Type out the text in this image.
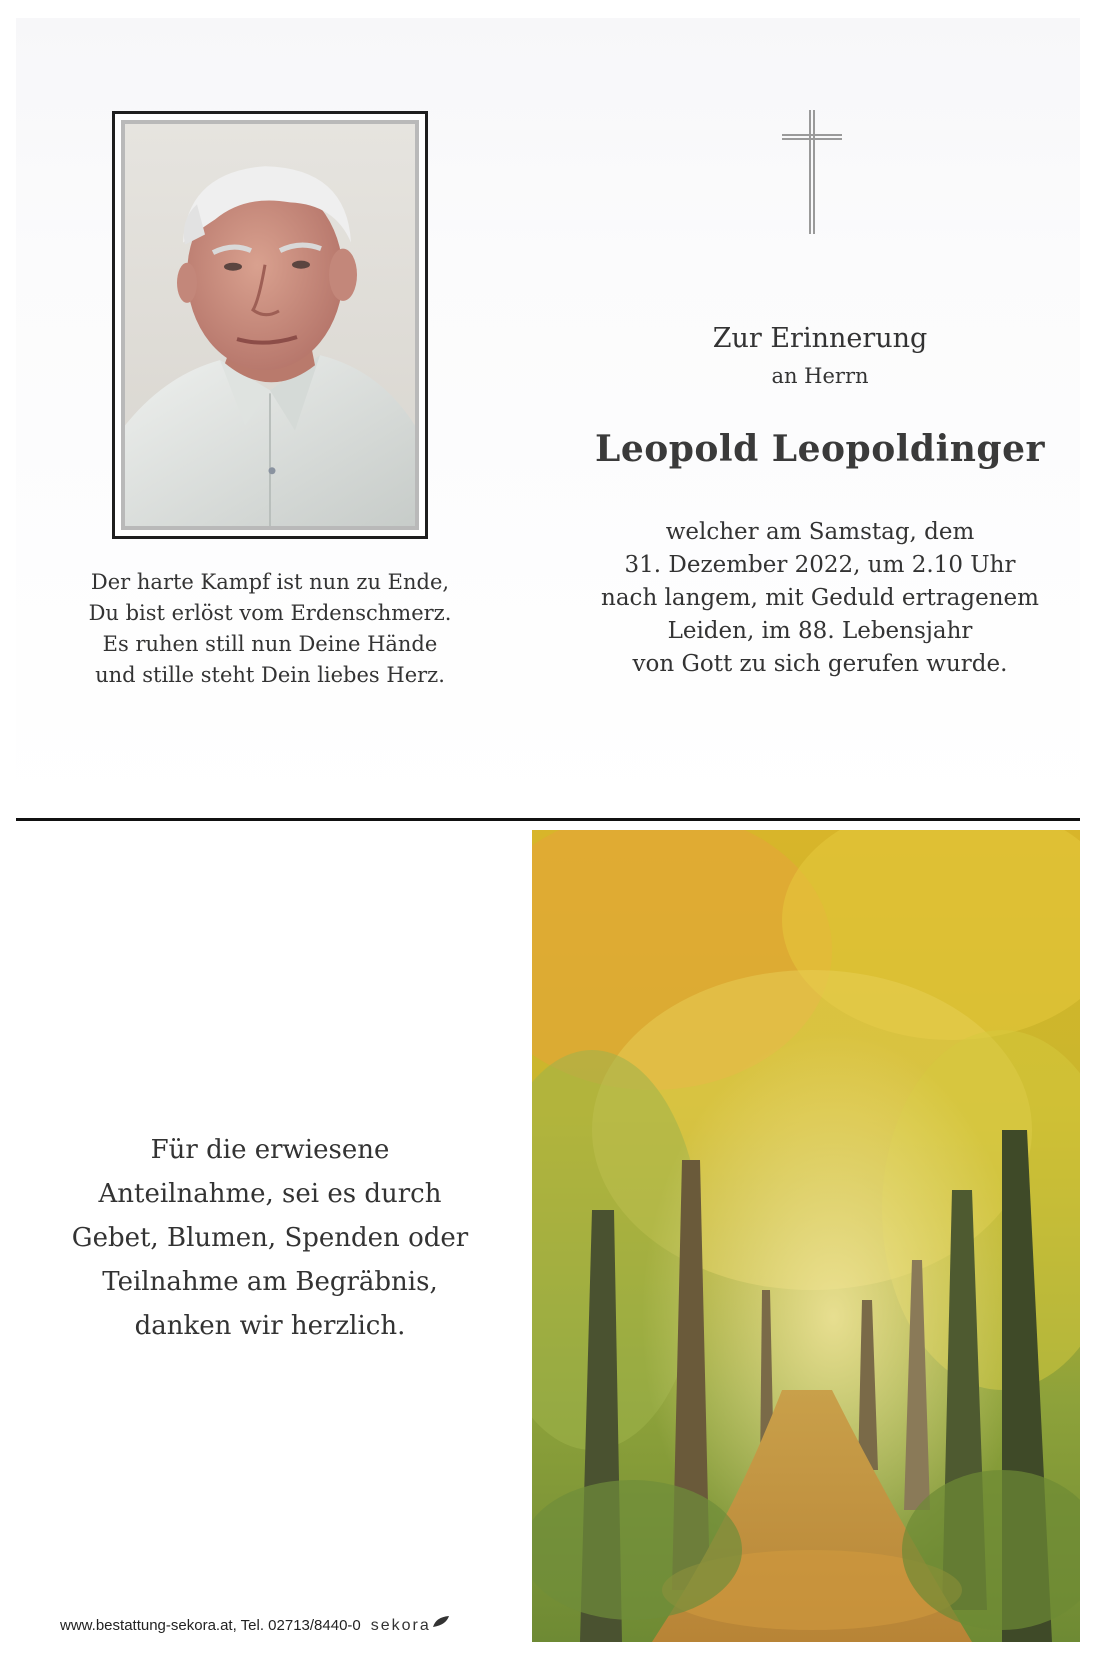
Der harte Kampf ist nun zu Ende,
Du bist erlöst vom Erdenschmerz.
Es ruhen still nun Deine Hände
und stille steht Dein liebes Herz.
Zur Erinnerung
an Herrn
Leopold Leopoldinger
welcher am Samstag, dem
31. Dezember 2022, um 2.10 Uhr
nach langem, mit Geduld ertragenem
Leiden, im 88. Lebensjahr
von Gott zu sich gerufen wurde.
Für die erwiesene
Anteilnahme, sei es durch
Gebet, Blumen, Spenden oder
Teilnahme am Begräbnis,
danken wir herzlich.
www.bestattung-sekora.at, Tel. 02713/8440-0 sekora
